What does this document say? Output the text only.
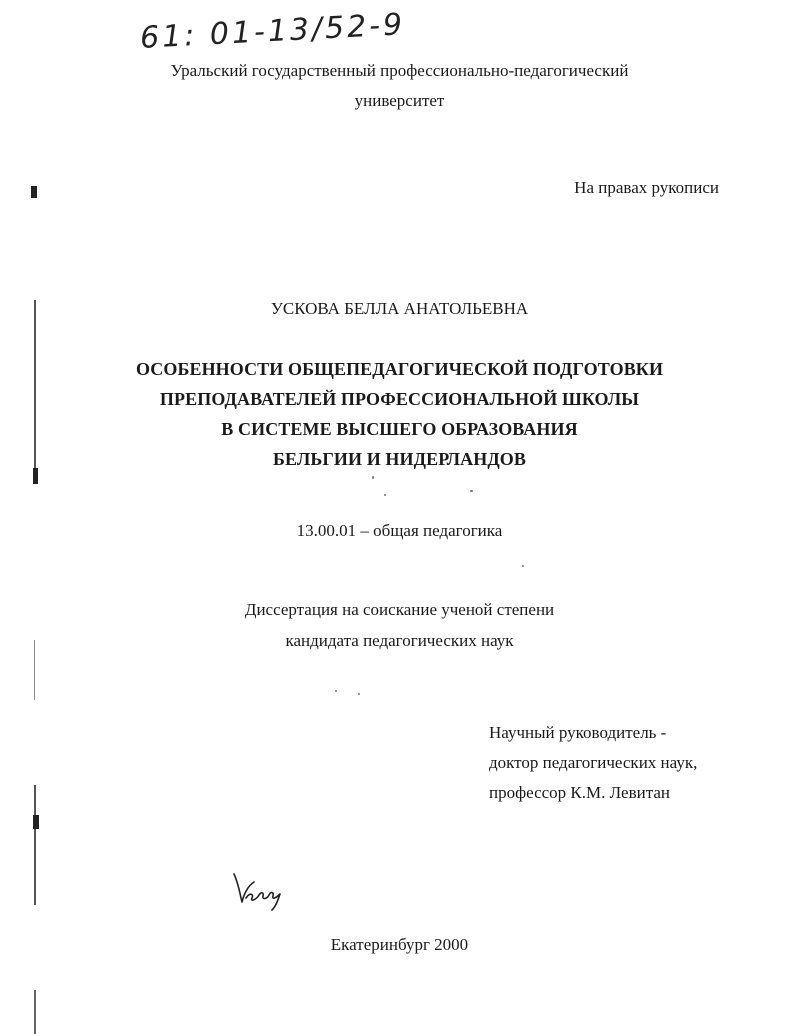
61: 01-13/52-9
Уральский государственный профессионально-педагогический
университет
На правах рукописи
УСКОВА БЕЛЛА АНАТОЛЬЕВНА
ОСОБЕННОСТИ ОБЩЕПЕДАГОГИЧЕСКОЙ ПОДГОТОВКИ
ПРЕПОДАВАТЕЛЕЙ ПРОФЕССИОНАЛЬНОЙ ШКОЛЫ
В СИСТЕМЕ ВЫСШЕГО ОБРАЗОВАНИЯ
БЕЛЬГИИ И НИДЕРЛАНДОВ
13.00.01 – общая педагогика
Диссертация на соискание ученой степени
кандидата педагогических наук
Научный руководитель -
доктор педагогических наук,
профессор К.М. Левитан
Екатеринбург 2000
